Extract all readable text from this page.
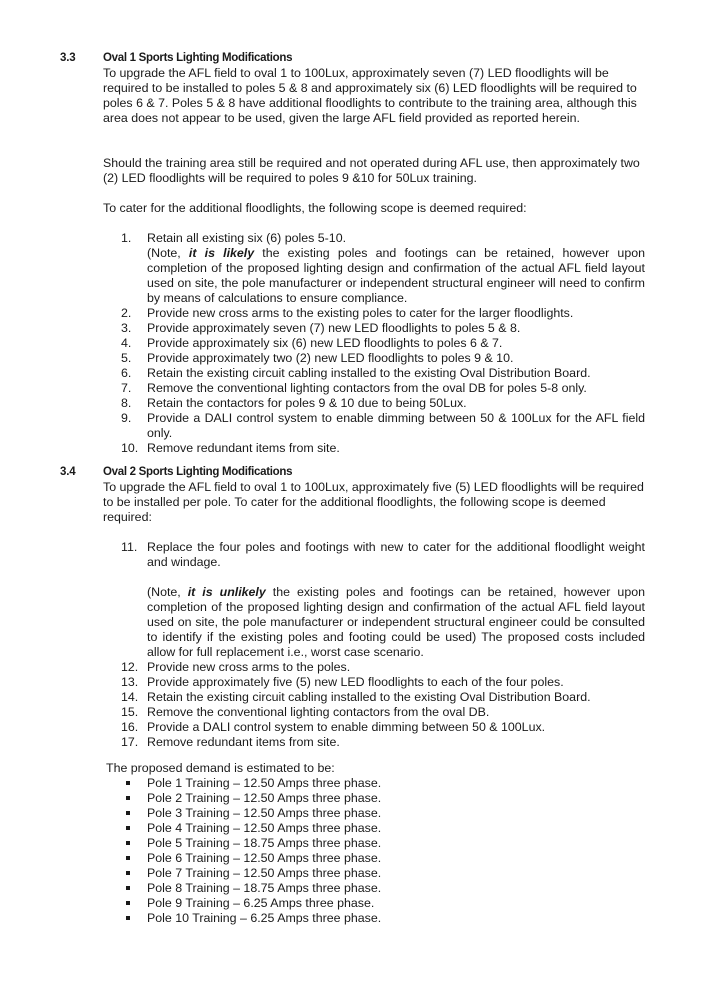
3.3 Oval 1 Sports Lighting Modifications

To upgrade the AFL field to oval 1 to 100Lux, approximately seven (7) LED floodlights will be required to be installed to poles 5 & 8 and approximately six (6) LED floodlights will be required to poles 6 & 7. Poles 5 & 8 have additional floodlights to contribute to the training area, although this area does not appear to be used, given the large AFL field provided as reported herein.

Should the training area still be required and not operated during AFL use, then approximately two (2) LED floodlights will be required to poles 9 &10 for 50Lux training.

To cater for the additional floodlights, the following scope is deemed required:

1.	Retain all existing six (6) poles 5-10.
(Note, it is likely the existing poles and footings can be retained, however upon completion of the proposed lighting design and confirmation of the actual AFL field layout used on site, the pole manufacturer or independent structural engineer will need to confirm by means of calculations to ensure compliance.
2.	Provide new cross arms to the existing poles to cater for the larger floodlights.
3.	Provide approximately seven (7) new LED floodlights to poles 5 & 8.
4.	Provide approximately six (6) new LED floodlights to poles 6 & 7.
5.	Provide approximately two (2) new LED floodlights to poles 9 & 10.
6.	Retain the existing circuit cabling installed to the existing Oval Distribution Board.
7.	Remove the conventional lighting contactors from the oval DB for poles 5-8 only.
8.	Retain the contactors for poles 9 & 10 due to being 50Lux.
9.	Provide a DALI control system to enable dimming between 50 & 100Lux for the AFL field only.
10. Remove redundant items from site.
3.4 Oval 2 Sports Lighting Modifications

To upgrade the AFL field to oval 1 to 100Lux, approximately five (5) LED floodlights will be required to be installed per pole. To cater for the additional floodlights, the following scope is deemed required:

11. Replace the four poles and footings with new to cater for the additional floodlight weight and windage.
(Note, it is unlikely the existing poles and footings can be retained, however upon completion of the proposed lighting design and confirmation of the actual AFL field layout used on site, the pole manufacturer or independent structural engineer could be consulted to identify if the existing poles and footing could be used) The proposed costs included allow for full replacement i.e., worst case scenario.
12. Provide new cross arms to the poles.
13. Provide approximately five (5) new LED floodlights to each of the four poles.
14. Retain the existing circuit cabling installed to the existing Oval Distribution Board.
15. Remove the conventional lighting contactors from the oval DB.
16. Provide a DALI control system to enable dimming between 50 & 100Lux.
17. Remove redundant items from site.

The proposed demand is estimated to be:

Pole 1 Training – 12.50 Amps three phase.
Pole 2 Training – 12.50 Amps three phase.
Pole 3 Training – 12.50 Amps three phase.
Pole 4 Training – 12.50 Amps three phase.
Pole 5 Training – 18.75 Amps three phase.
Pole 6 Training – 12.50 Amps three phase.
Pole 7 Training – 12.50 Amps three phase.
Pole 8 Training – 18.75 Amps three phase.
Pole 9 Training – 6.25 Amps three phase.
Pole 10 Training – 6.25 Amps three phase.
